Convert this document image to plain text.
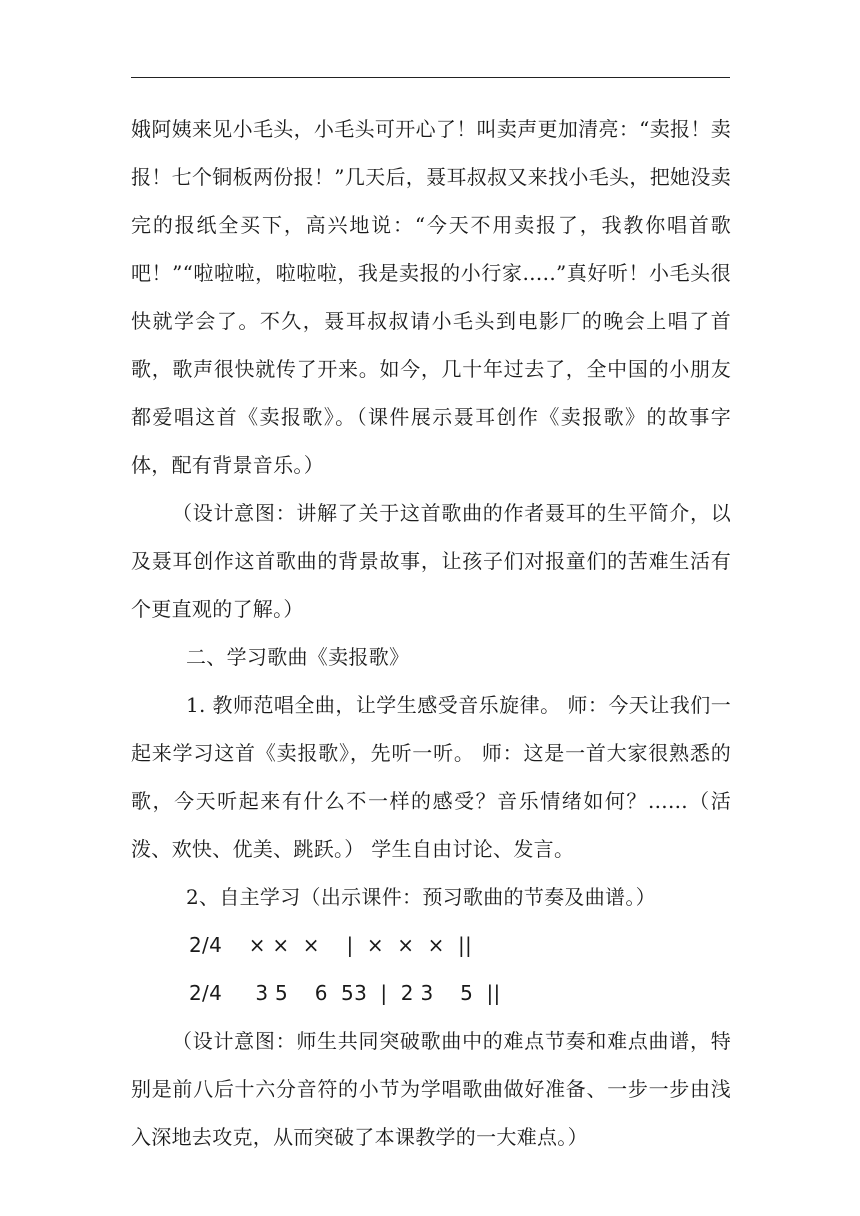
娥阿姨来见小毛头，小毛头可开心了！叫卖声更加清亮：“卖报！卖报！七个铜板两份报！”几天后，聂耳叔叔又来找小毛头，把她没卖完的报纸全买下，高兴地说：“今天不用卖报了，我教你唱首歌吧！”“啦啦啦，啦啦啦，我是卖报的小行家…..”真好听！小毛头很快就学会了。不久，聂耳叔叔请小毛头到电影厂的晚会上唱了首歌，歌声很快就传了开来。如今，几十年过去了，全中国的小朋友都爱唱这首《卖报歌》。（课件展示聂耳创作《卖报歌》的故事字体，配有背景音乐。）

（设计意图：讲解了关于这首歌曲的作者聂耳的生平简介，以及聂耳创作这首歌曲的背景故事，让孩子们对报童们的苦难生活有个更直观的了解。）

二、学习歌曲《卖报歌》

1. 教师范唱全曲，让学生感受音乐旋律。 师：今天让我们一起来学习这首《卖报歌》，先听一听。 师：这是一首大家很熟悉的歌，今天听起来有什么不一样的感受？音乐情绪如何？......（活泼、欢快、优美、跳跃。） 学生自由讨论、发言。

2、自主学习（出示课件：预习歌曲的节奏及曲谱。）

2/4    × ×  ×    |  ×  ×  ×  ||

2/4     3 5    6  53  |  2 3    5  ||

（设计意图：师生共同突破歌曲中的难点节奏和难点曲谱，特别是前八后十六分音符的小节为学唱歌曲做好准备、一步一步由浅入深地去攻克，从而突破了本课教学的一大难点。）
